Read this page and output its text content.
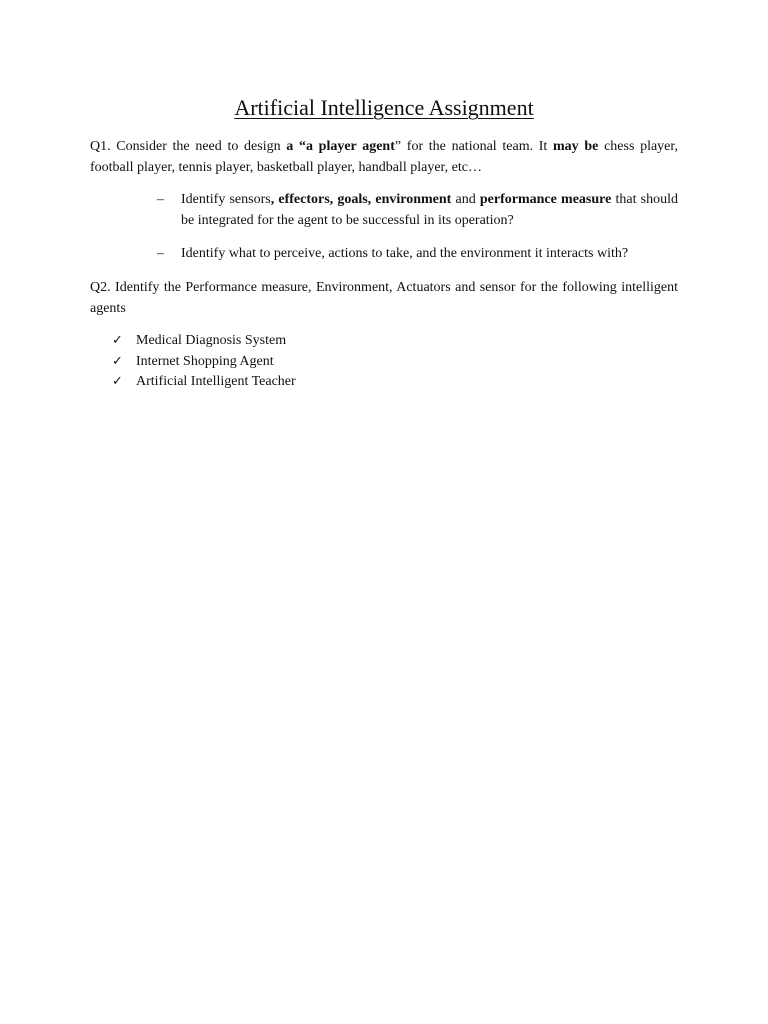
Artificial Intelligence Assignment
Q1. Consider the need to design a “a player agent” for the national team. It may be chess player, football player, tennis player, basketball player, handball player, etc…
–	Identify sensors, effectors, goals, environment and performance measure that should be integrated for the agent to be successful in its operation?
–	Identify what to perceive, actions to take, and the environment it interacts with?
Q2. Identify the Performance measure, Environment, Actuators and sensor for the following intelligent agents
✓ Medical Diagnosis System
✓ Internet Shopping Agent
✓ Artificial Intelligent Teacher
